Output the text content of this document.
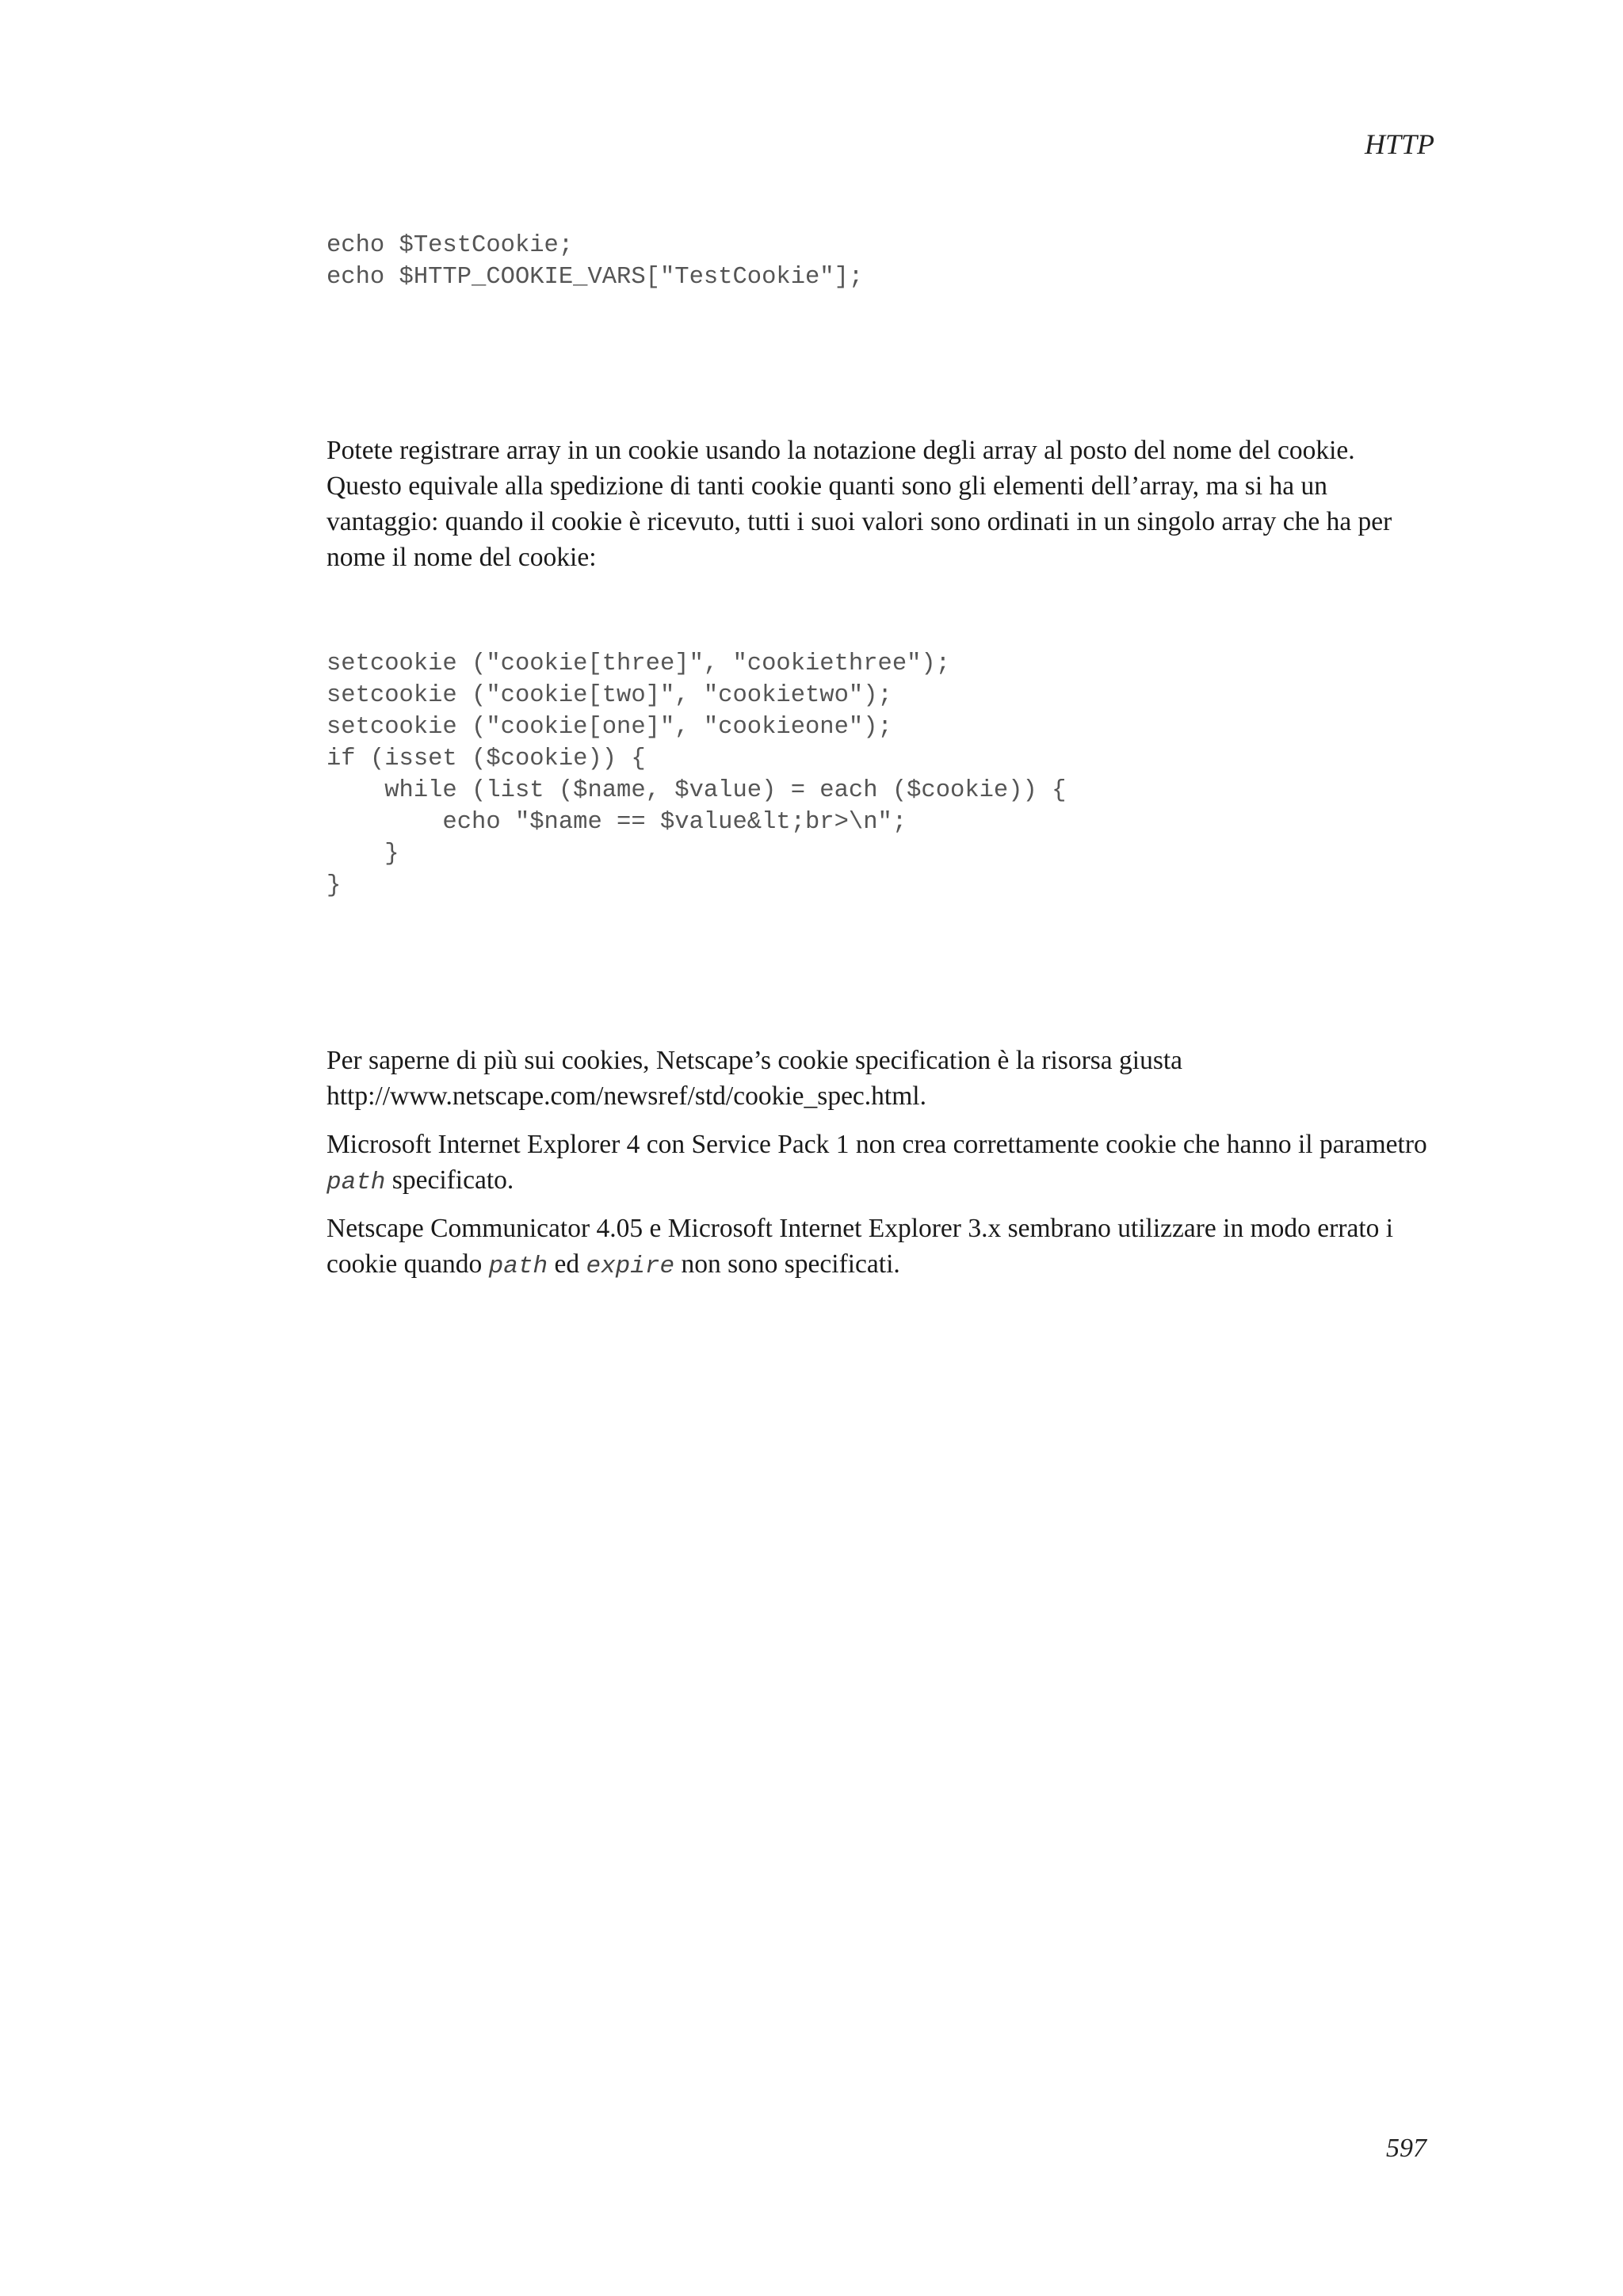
HTTP
echo $TestCookie;
echo $HTTP_COOKIE_VARS["TestCookie"];

Potete registrare array in un cookie usando la notazione degli array al posto del nome del cookie. Questo equivale alla spedizione di tanti cookie quanti sono gli elementi dell’array, ma si ha un vantaggio: quando il cookie è ricevuto, tutti i suoi valori sono ordinati in un singolo array che ha per nome il nome del cookie:

setcookie ("cookie[three]", "cookiethree");
setcookie ("cookie[two]", "cookietwo");
setcookie ("cookie[one]", "cookieone");
if (isset ($cookie)) {
while (list ($name, $value) = each ($cookie)) {
echo "$name == $value&lt;br>\n";
}
}

Per saperne di più sui cookies, Netscape’s cookie specification è la risorsa giusta http://www.netscape.com/newsref/std/cookie_spec.html.

Microsoft Internet Explorer 4 con Service Pack 1 non crea correttamente cookie che hanno il parametro path specificato.

Netscape Communicator 4.05 e Microsoft Internet Explorer 3.x sembrano utilizzare in modo errato i cookie quando path ed expire non sono specificati.

597
